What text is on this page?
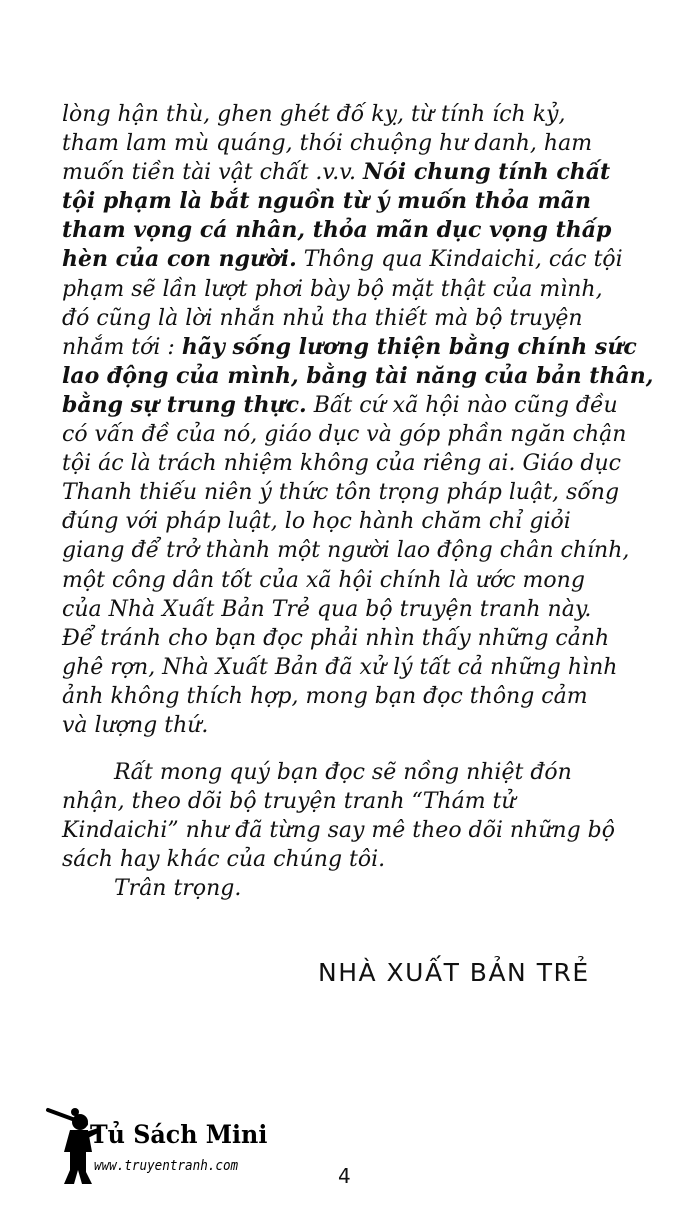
lòng hận thù, ghen ghét đố kỵ, từ tính ích kỷ,
tham lam mù quáng, thói chuộng hư danh, ham
muốn tiền tài vật chất .v.v. Nói chung tính chất
tội phạm là bắt nguồn từ ý muốn thỏa mãn
tham vọng cá nhân, thỏa mãn dục vọng thấp
hèn của con người. Thông qua Kindaichi, các tội
phạm sẽ lần lượt phơi bày bộ mặt thật của mình,
đó cũng là lời nhắn nhủ tha thiết mà bộ truyện
nhắm tới : hãy sống lương thiện bằng chính sức
lao động của mình, bằng tài năng của bản thân,
bằng sự trung thực. Bất cứ xã hội nào cũng đều
có vấn đề của nó, giáo dục và góp phần ngăn chận
tội ác là trách nhiệm không của riêng ai. Giáo dục
Thanh thiếu niên ý thức tôn trọng pháp luật, sống
đúng với pháp luật, lo học hành chăm chỉ giỏi
giang để trở thành một người lao động chân chính,
một công dân tốt của xã hội chính là ước mong
của Nhà Xuất Bản Trẻ qua bộ truyện tranh này.
Để tránh cho bạn đọc phải nhìn thấy những cảnh
ghê rợn, Nhà Xuất Bản đã xử lý tất cả những hình
ảnh không thích hợp, mong bạn đọc thông cảm
và lượng thứ.
Rất mong quý bạn đọc sẽ nồng nhiệt đón
nhận, theo dõi bộ truyện tranh “Thám tử
Kindaichi” như đã từng say mê theo dõi những bộ
sách hay khác của chúng tôi.
Trân trọng.
NHÀ XUẤT BẢN TRẺ
Tủ Sách Mini
www.truyentranh.com	4
